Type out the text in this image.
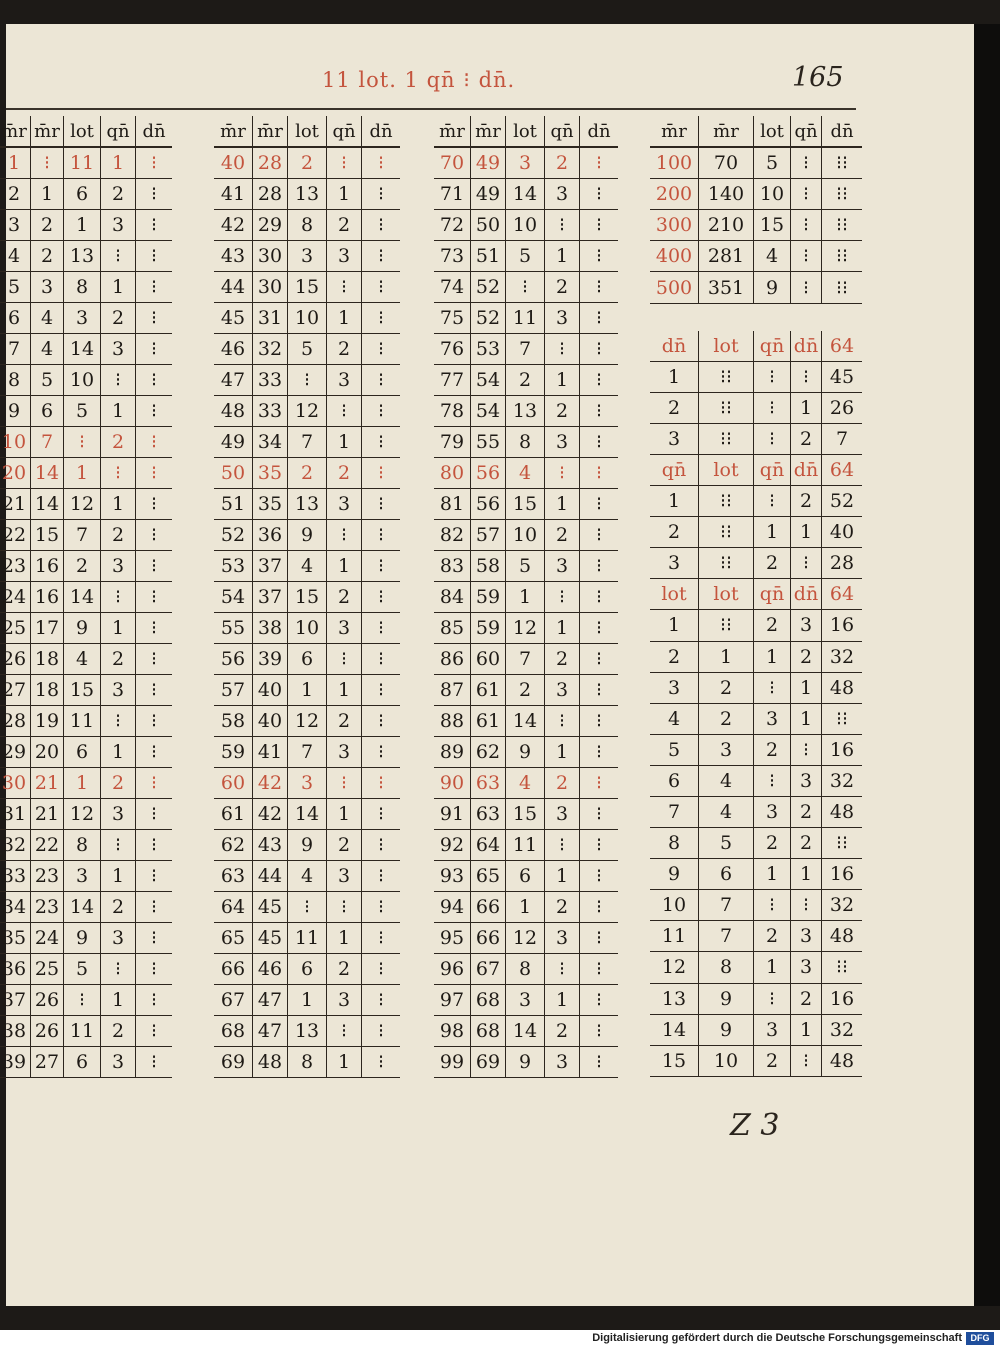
11 lot. 1 qn̄ ⁝ dn̄.	165
m̄r	m̄r	lot	qn̄	dn̄
1	⁝	11	1	⁝
2	1	6	2	⁝
3	2	1	3	⁝
4	2	13	⁝	⁝
5	3	8	1	⁝
6	4	3	2	⁝
7	4	14	3	⁝
8	5	10	⁝	⁝
9	6	5	1	⁝
10	7	⁝	2	⁝
20	14	1	⁝	⁝
21	14	12	1	⁝
22	15	7	2	⁝
23	16	2	3	⁝
24	16	14	⁝	⁝
25	17	9	1	⁝
26	18	4	2	⁝
27	18	15	3	⁝
28	19	11	⁝	⁝
29	20	6	1	⁝
30	21	1	2	⁝
31	21	12	3	⁝
32	22	8	⁝	⁝
33	23	3	1	⁝
34	23	14	2	⁝
35	24	9	3	⁝
36	25	5	⁝	⁝
37	26	⁝	1	⁝
38	26	11	2	⁝
39	27	6	3	⁝
m̄r	m̄r	lot	qn̄	dn̄
40	28	2	⁝	⁝
41	28	13	1	⁝
42	29	8	2	⁝
43	30	3	3	⁝
44	30	15	⁝	⁝
45	31	10	1	⁝
46	32	5	2	⁝
47	33	⁝	3	⁝
48	33	12	⁝	⁝
49	34	7	1	⁝
50	35	2	2	⁝
51	35	13	3	⁝
52	36	9	⁝	⁝
53	37	4	1	⁝
54	37	15	2	⁝
55	38	10	3	⁝
56	39	6	⁝	⁝
57	40	1	1	⁝
58	40	12	2	⁝
59	41	7	3	⁝
60	42	3	⁝	⁝
61	42	14	1	⁝
62	43	9	2	⁝
63	44	4	3	⁝
64	45	⁝	⁝	⁝
65	45	11	1	⁝
66	46	6	2	⁝
67	47	1	3	⁝
68	47	13	⁝	⁝
69	48	8	1	⁝
m̄r	m̄r	lot	qn̄	dn̄
70	49	3	2	⁝
71	49	14	3	⁝
72	50	10	⁝	⁝
73	51	5	1	⁝
74	52	⁝	2	⁝
75	52	11	3	⁝
76	53	7	⁝	⁝
77	54	2	1	⁝
78	54	13	2	⁝
79	55	8	3	⁝
80	56	4	⁝	⁝
81	56	15	1	⁝
82	57	10	2	⁝
83	58	5	3	⁝
84	59	1	⁝	⁝
85	59	12	1	⁝
86	60	7	2	⁝
87	61	2	3	⁝
88	61	14	⁝	⁝
89	62	9	1	⁝
90	63	4	2	⁝
91	63	15	3	⁝
92	64	11	⁝	⁝
93	65	6	1	⁝
94	66	1	2	⁝
95	66	12	3	⁝
96	67	8	⁝	⁝
97	68	3	1	⁝
98	68	14	2	⁝
99	69	9	3	⁝
m̄r	m̄r	lot	qn̄	dn̄
100	70	5	⁝	⁝⁝
200	140	10	⁝	⁝⁝
300	210	15	⁝	⁝⁝
400	281	4	⁝	⁝⁝
500	351	9	⁝	⁝⁝

dn̄	lot	qn̄	dn̄	64
1	⁝⁝	⁝	⁝	45
2	⁝⁝	⁝	1	26
3	⁝⁝	⁝	2	7
qn̄	lot	qn̄	dn̄	64
1	⁝⁝	⁝	2	52
2	⁝⁝	1	1	40
3	⁝⁝	2	⁝	28
lot	lot	qn̄	dn̄	64
1	⁝⁝	2	3	16
2	1	1	2	32
3	2	⁝	1	48
4	2	3	1	⁝⁝
5	3	2	⁝	16
6	4	⁝	3	32
7	4	3	2	48
8	5	2	2	⁝⁝
9	6	1	1	16
10	7	⁝	⁝	32
11	7	2	3	48
12	8	1	3	⁝⁝
13	9	⁝	2	16
14	9	3	1	32
15	10	2	⁝	48
Z 3
Digitalisierung gefördert durch die Deutsche Forschungsgemeinschaft DFG
